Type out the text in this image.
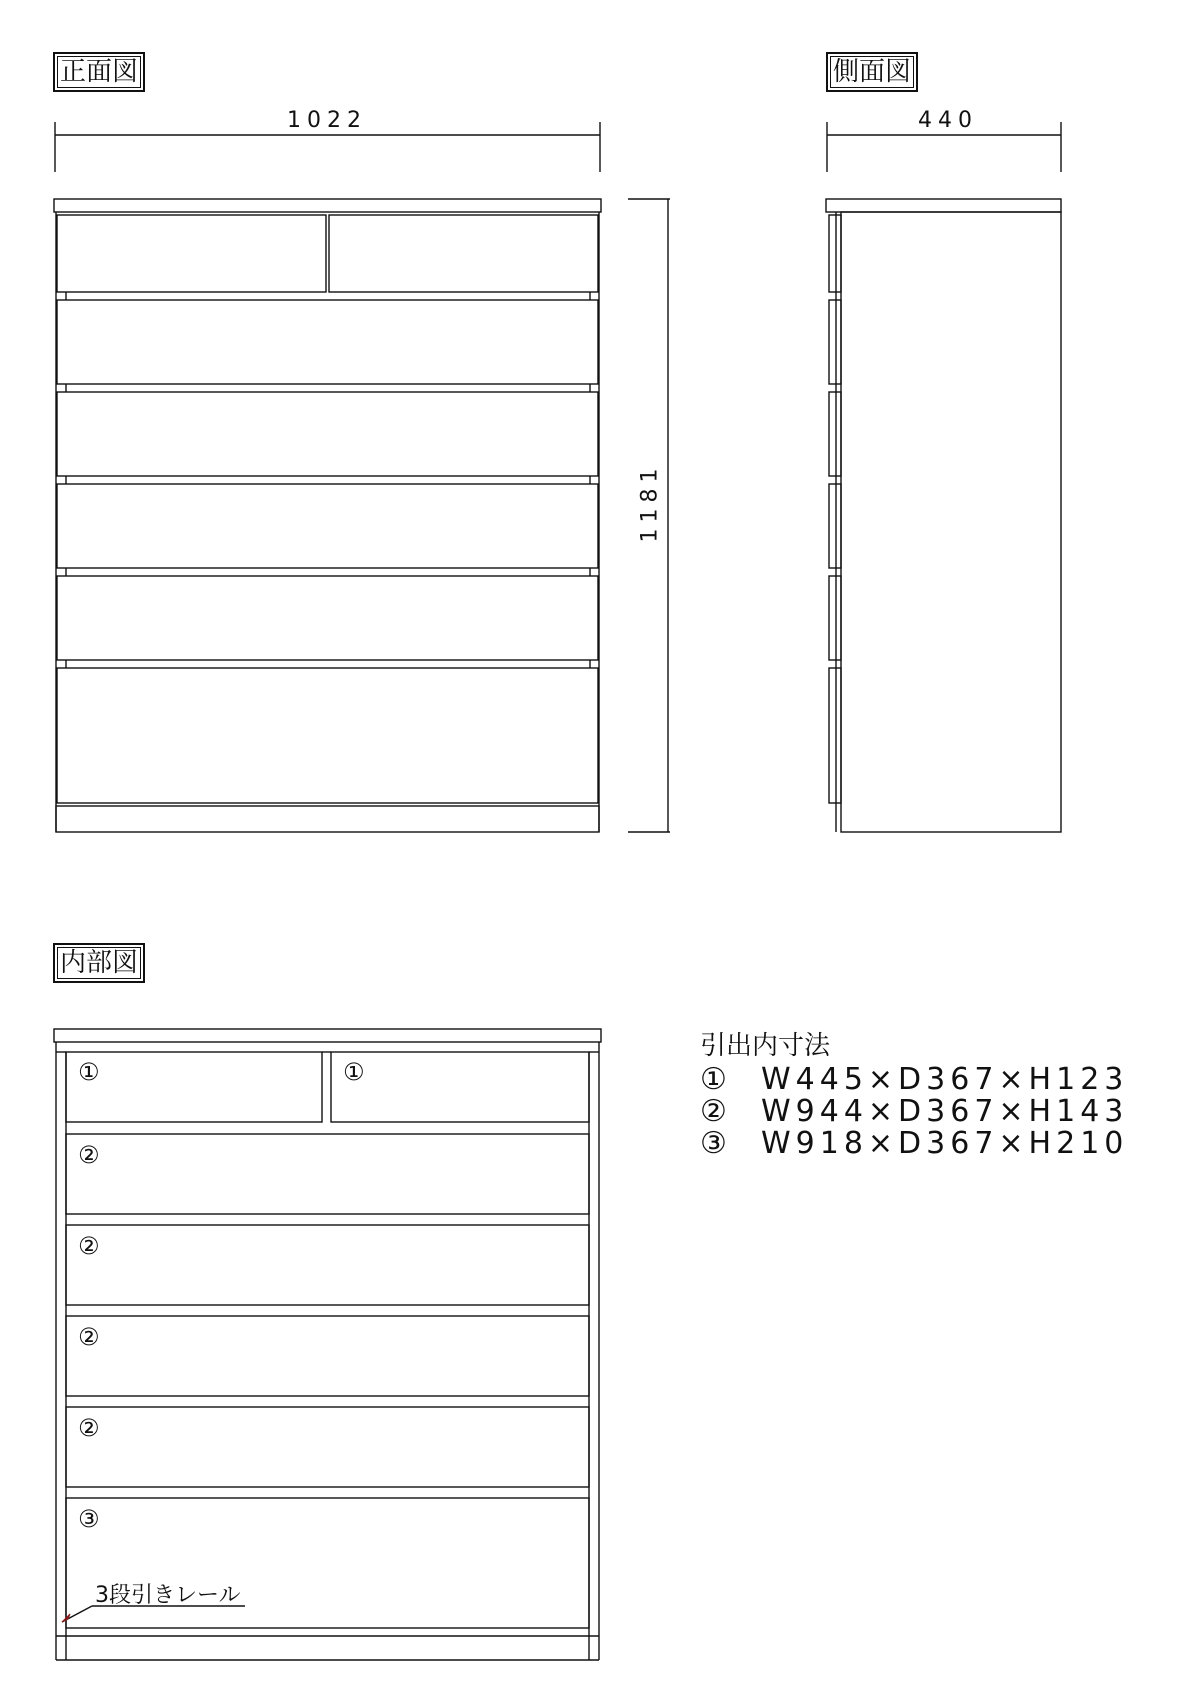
正面図	側面図
内部図
1022	440
1181
①	①
②
②
②
②
③
3段引きレール
引出内寸法
① W445×D367×H123
② W944×D367×H143
③ W918×D367×H210
